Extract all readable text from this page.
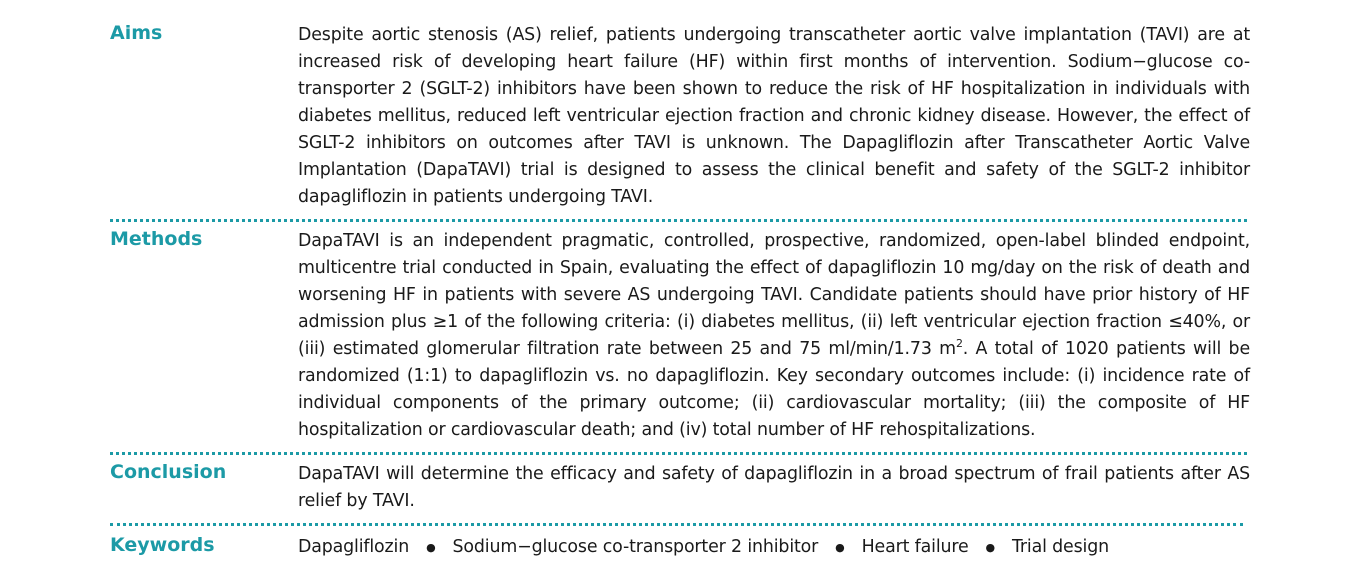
Aims	Despite aortic stenosis (AS) relief, patients undergoing transcatheter aortic valve implantation (TAVI) are at increased risk of developing heart failure (HF) within first months of intervention. Sodium−glucose co-transporter 2 (SGLT-2) inhibitors have been shown to reduce the risk of HF hospitalization in individuals with diabetes mellitus, reduced left ventricular ejection fraction and chronic kidney disease. However, the effect of SGLT-2 inhibitors on outcomes after TAVI is unknown. The Dapagliflozin after Transcatheter Aortic Valve Implantation (DapaTAVI) trial is designed to assess the clinical benefit and safety of the SGLT-2 inhibitor dapagliflozin in patients undergoing TAVI.

Methods	DapaTAVI is an independent pragmatic, controlled, prospective, randomized, open-label blinded endpoint, multicentre trial conducted in Spain, evaluating the effect of dapagliflozin 10 mg/day on the risk of death and worsening HF in patients with severe AS undergoing TAVI. Candidate patients should have prior history of HF admission plus ≥1 of the following criteria: (i) diabetes mellitus, (ii) left ventricular ejection fraction ≤40%, or (iii) estimated glomerular filtration rate between 25 and 75 ml/min/1.73 $m^2$. A total of 1020 patients will be randomized (1:1) to dapagliflozin vs. no dapagliflozin. Key secondary outcomes include: (i) incidence rate of individual components of the primary outcome; (ii) cardiovascular mortality; (iii) the composite of HF hospitalization or cardiovascular death; and (iv) total number of HF rehospitalizations.

Conclusion	DapaTAVI will determine the efficacy and safety of dapagliflozin in a broad spectrum of frail patients after AS relief by TAVI.

Keywords	Dapagliflozin ● Sodium−glucose co-transporter 2 inhibitor ● Heart failure ● Trial design
